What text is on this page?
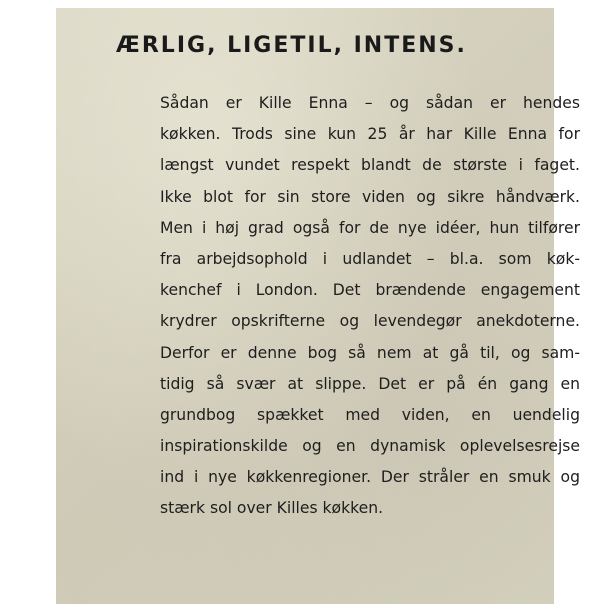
ÆRLIG, LIGETIL, INTENS.
Sådan er Kille Enna – og sådan er hendes
køkken. Trods sine kun 25 år har Kille Enna for
længst vundet respekt blandt de største i faget.
Ikke blot for sin store viden og sikre håndværk.
Men i høj grad også for de nye idéer, hun tilfører
fra arbejdsophold i udlandet – bl.a. som køk-
kenchef i London. Det brændende engagement
krydrer opskrifterne og levendegør anekdoterne.
Derfor er denne bog så nem at gå til, og sam-
tidig så svær at slippe. Det er på én gang en
grundbog spækket med viden, en uendelig
inspirationskilde og en dynamisk oplevelsesrejse
ind i nye køkkenregioner. Der stråler en smuk og
stærk sol over Killes køkken.
